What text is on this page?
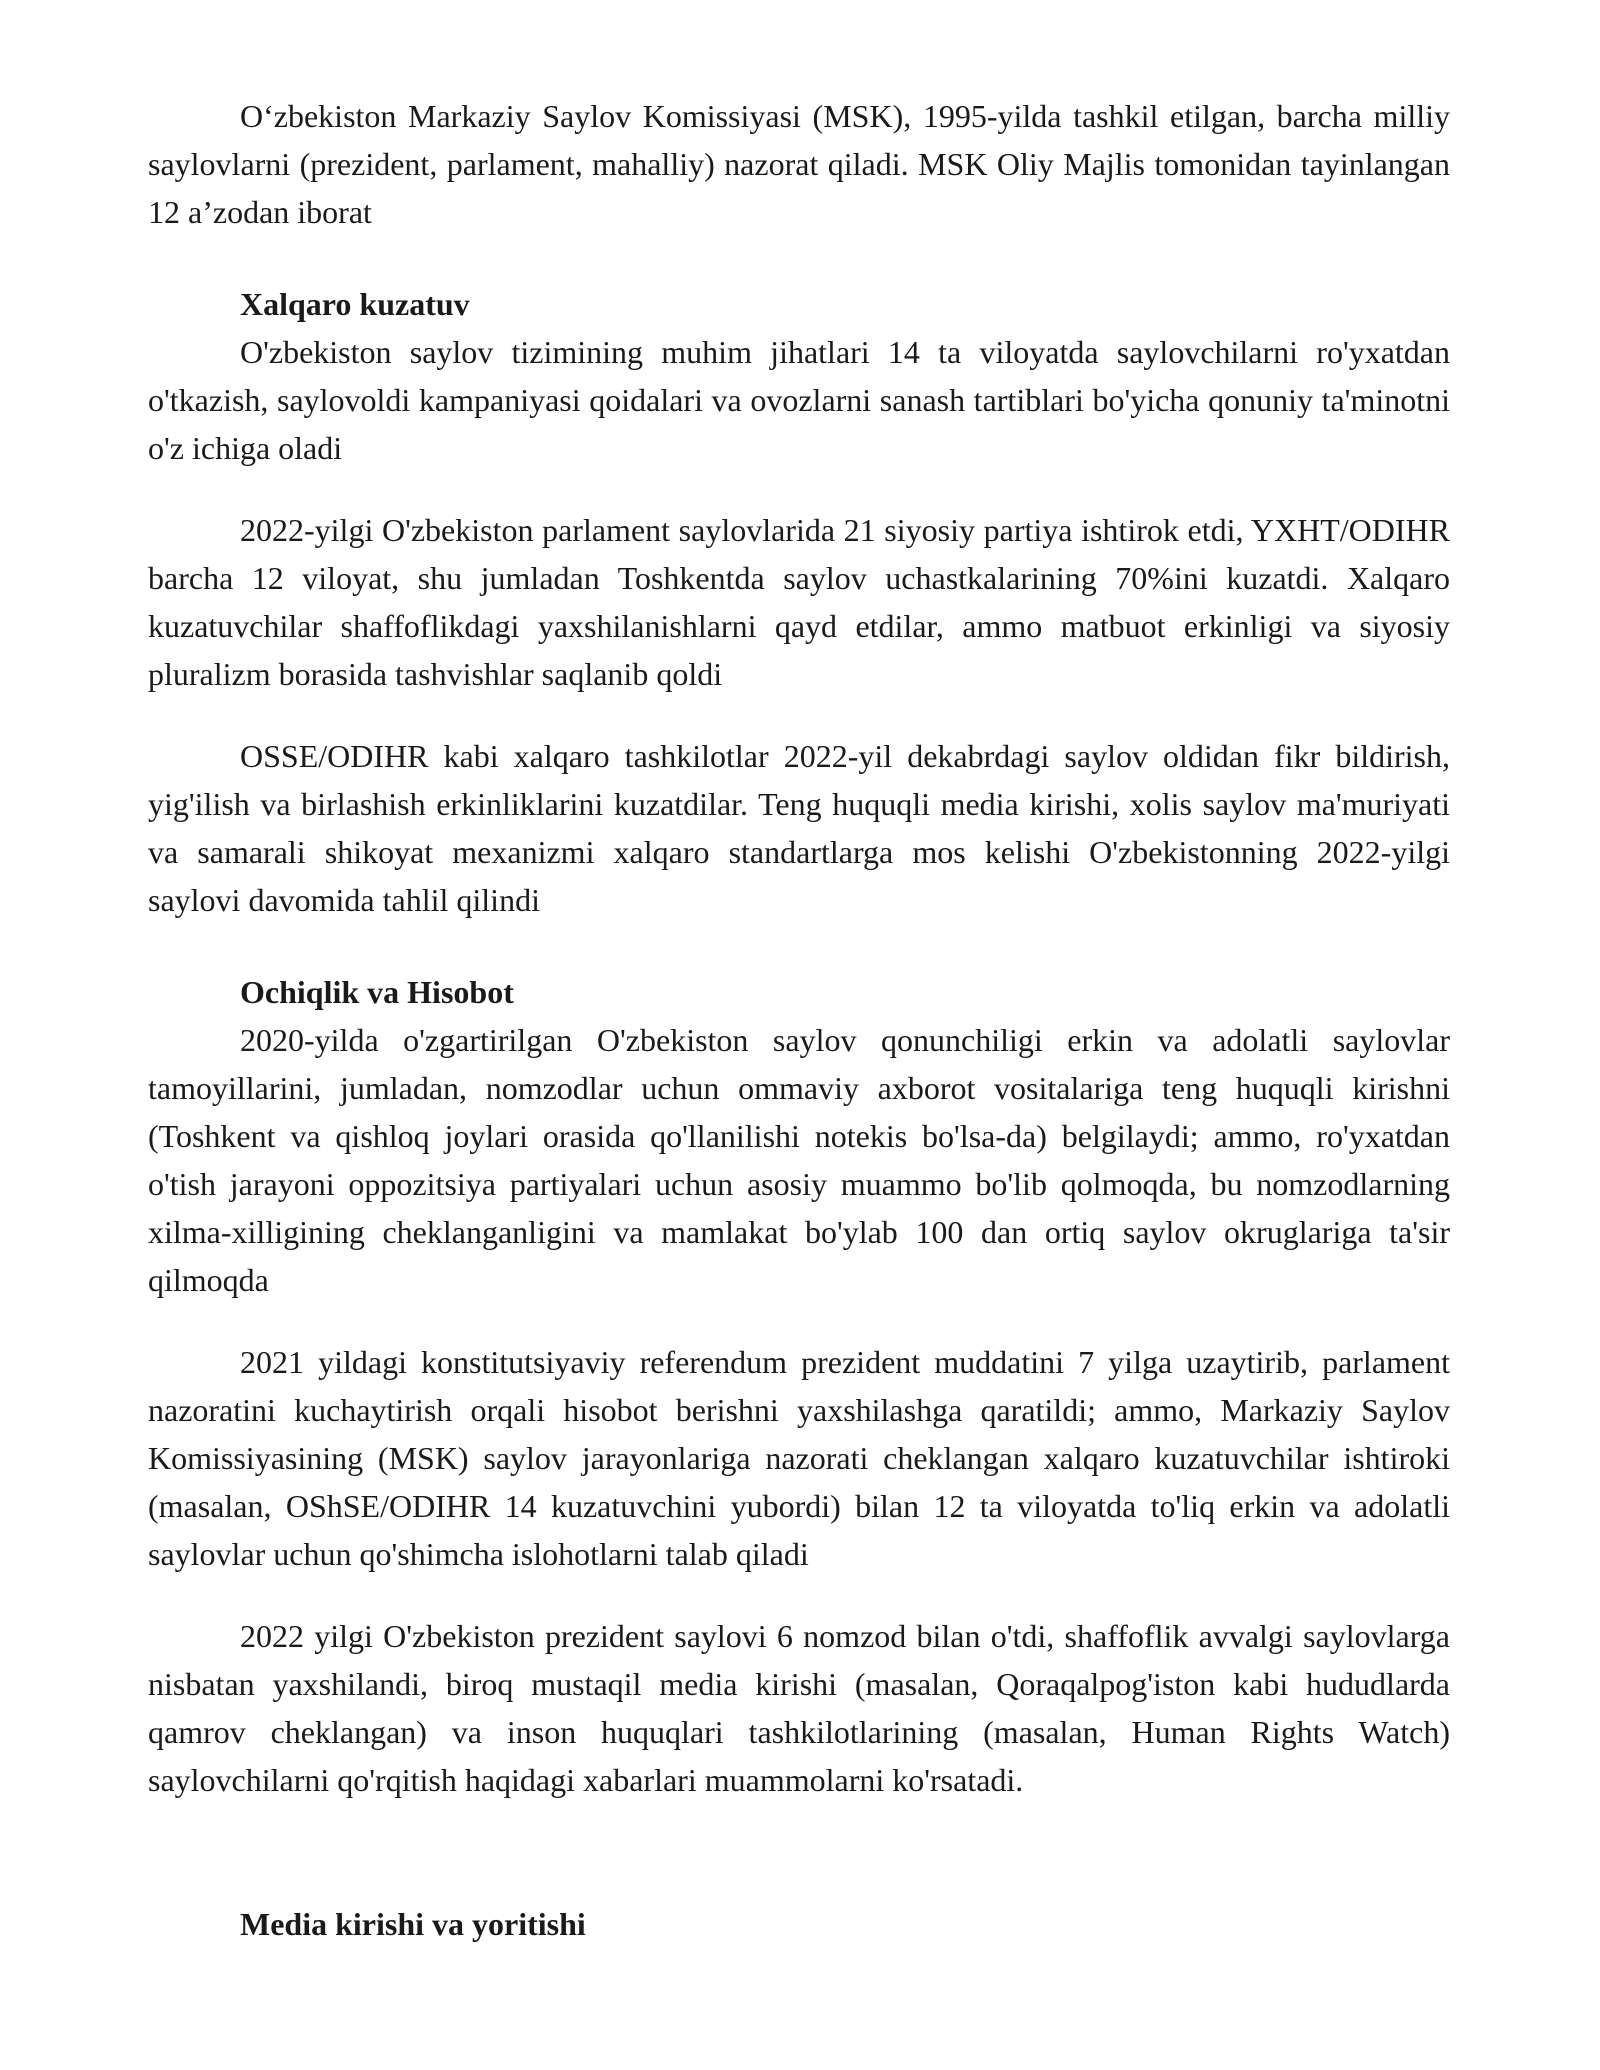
O‘zbekiston Markaziy Saylov Komissiyasi (MSK), 1995-yilda tashkil etilgan, barcha milliy saylovlarni (prezident, parlament, mahalliy) nazorat qiladi. MSK Oliy Majlis tomonidan tayinlangan 12 a’zodan iborat

Xalqaro kuzatuv

O'zbekiston saylov tizimining muhim jihatlari 14 ta viloyatda saylovchilarni ro'yxatdan o'tkazish, saylovoldi kampaniyasi qoidalari va ovozlarni sanash tartiblari bo'yicha qonuniy ta'minotni o'z ichiga oladi

2022-yilgi O'zbekiston parlament saylovlarida 21 siyosiy partiya ishtirok etdi, YXHT/ODIHR barcha 12 viloyat, shu jumladan Toshkentda saylov uchastkalarining 70%ini kuzatdi. Xalqaro kuzatuvchilar shaffoflikdagi yaxshilanishlarni qayd etdilar, ammo matbuot erkinligi va siyosiy pluralizm borasida tashvishlar saqlanib qoldi

OSSE/ODIHR kabi xalqaro tashkilotlar 2022-yil dekabrdagi saylov oldidan fikr bildirish, yig'ilish va birlashish erkinliklarini kuzatdilar. Teng huquqli media kirishi, xolis saylov ma'muriyati va samarali shikoyat mexanizmi xalqaro standartlarga mos kelishi O'zbekistonning 2022-yilgi saylovi davomida tahlil qilindi

Ochiqlik va Hisobot

2020-yilda o'zgartirilgan O'zbekiston saylov qonunchiligi erkin va adolatli saylovlar tamoyillarini, jumladan, nomzodlar uchun ommaviy axborot vositalariga teng huquqli kirishni (Toshkent va qishloq joylari orasida qo'llanilishi notekis bo'lsa-da) belgilaydi; ammo, ro'yxatdan o'tish jarayoni oppozitsiya partiyalari uchun asosiy muammo bo'lib qolmoqda, bu nomzodlarning xilma-xilligining cheklanganligini va mamlakat bo'ylab 100 dan ortiq saylov okruglariga ta'sir qilmoqda

2021 yildagi konstitutsiyaviy referendum prezident muddatini 7 yilga uzaytirib, parlament nazoratini kuchaytirish orqali hisobot berishni yaxshilashga qaratildi; ammo, Markaziy Saylov Komissiyasining (MSK) saylov jarayonlariga nazorati cheklangan xalqaro kuzatuvchilar ishtiroki (masalan, OShSE/ODIHR 14 kuzatuvchini yubordi) bilan 12 ta viloyatda to'liq erkin va adolatli saylovlar uchun qo'shimcha islohotlarni talab qiladi

2022 yilgi O'zbekiston prezident saylovi 6 nomzod bilan o'tdi, shaffoflik avvalgi saylovlarga nisbatan yaxshilandi, biroq mustaqil media kirishi (masalan, Qoraqalpog'iston kabi hududlarda qamrov cheklangan) va inson huquqlari tashkilotlarining (masalan, Human Rights Watch) saylovchilarni qo'rqitish haqidagi xabarlari muammolarni ko'rsatadi.

Media kirishi va yoritishi
